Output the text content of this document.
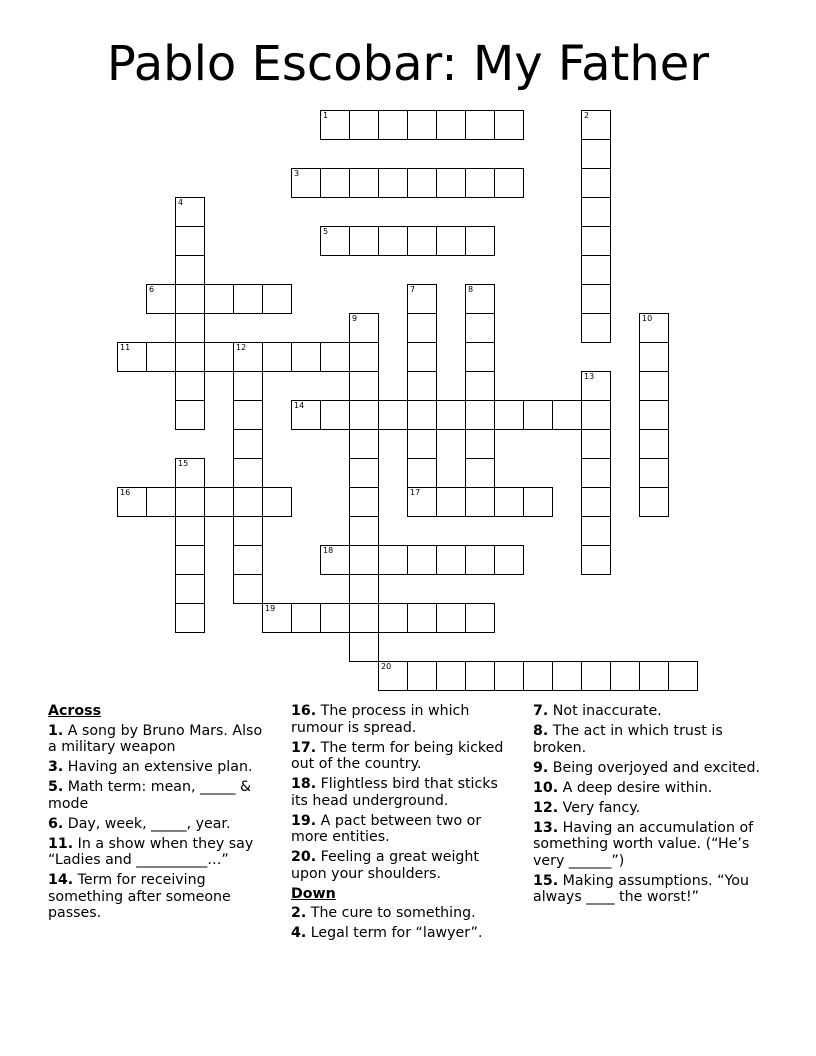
Pablo Escobar: My Father
1	2
3
4
5
6	7
17
8
9	10
11	12
13
14
15
16
18
19
20
Across
1. A song by Bruno Mars. Also a military weapon
3. Having an extensive plan.
5. Math term: mean, _____ & mode
6. Day, week, _____, year.
11. In a show when they say “Ladies and __________…”
14. Term for receiving something after someone passes.
16. The process in which rumour is spread.
17. The term for being kicked out of the country.
18. Flightless bird that sticks its head underground.
19. A pact between two or more entities.
20. Feeling a great weight upon your shoulders.
Down
2. The cure to something.
4. Legal term for “lawyer”.
7. Not inaccurate.
8. The act in which trust is broken.
9. Being overjoyed and excited.
10. A deep desire within.
12. Very fancy.
13. Having an accumulation of something worth value. (“He’s very ______”)
15. Making assumptions. “You always ____ the worst!”
